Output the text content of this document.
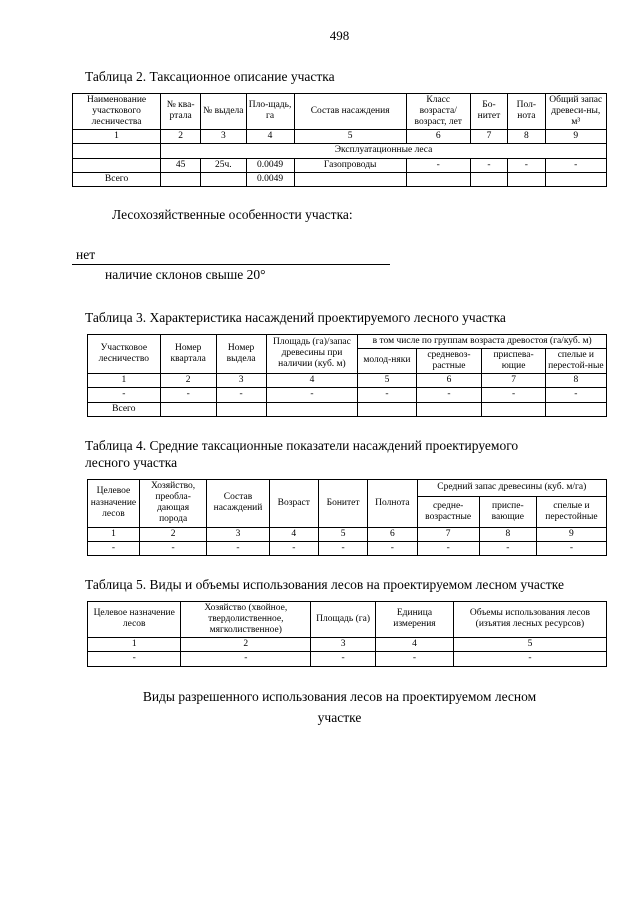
498
Таблица 2. Таксационное описание участка
Наименование участкового лесничества	№ ква-ртала	№ выдела	Пло-щадь, га	Состав насаждения	Класс возраста/ возраст, лет	Бо-нитет	Пол-нота	Общий запас древеси-ны, м³
1	2	3	4	5	6	7	8	9
	Эксплуатационные леса							
	45	25ч.	0.0049	Газопроводы	-	-	-	-
Всего			0.0049					
Лесохозяйственные особенности участка:
нет
наличие склонов свыше 20°
Таблица 3. Характеристика насаждений проектируемого лесного участка
Участковое лесничество	Номер квартала	Номер выдела	Площадь (га)/запас древесины при наличии (куб. м)	в том числе по группам возраста древостоя (га/куб. м)			
				молод-няки	средневоз-растные	приспева-ющие	спелые и перестой-ные
1	2	3	4	5	6	7	8
-	-	-	-	-	-	-	-
Всего							
Таблица 4. Средние таксационные показатели насаждений проектируемого лесного участка
Целевое назначение лесов	Хозяйство, преобла-дающая порода	Состав насаждений	Возраст	Бонитет	Полнота	Средний запас древесины (куб. м/га)		
						средне-возрастные	приспе-вающие	спелые и перестойные
1	2	3	4	5	6	7	8	9
-	-	-	-	-	-	-	-	-
Таблица 5. Виды и объемы использования лесов на проектируемом лесном участке
Целевое назначение лесов	Хозяйство (хвойное, твердолиственное, мягколиственное)	Площадь (га)	Единица измерения	Объемы использования лесов (изъятия лесных ресурсов)
1	2	3	4	5
-	-	-	-	-
Виды разрешенного использования лесов на проектируемом лесном участке
